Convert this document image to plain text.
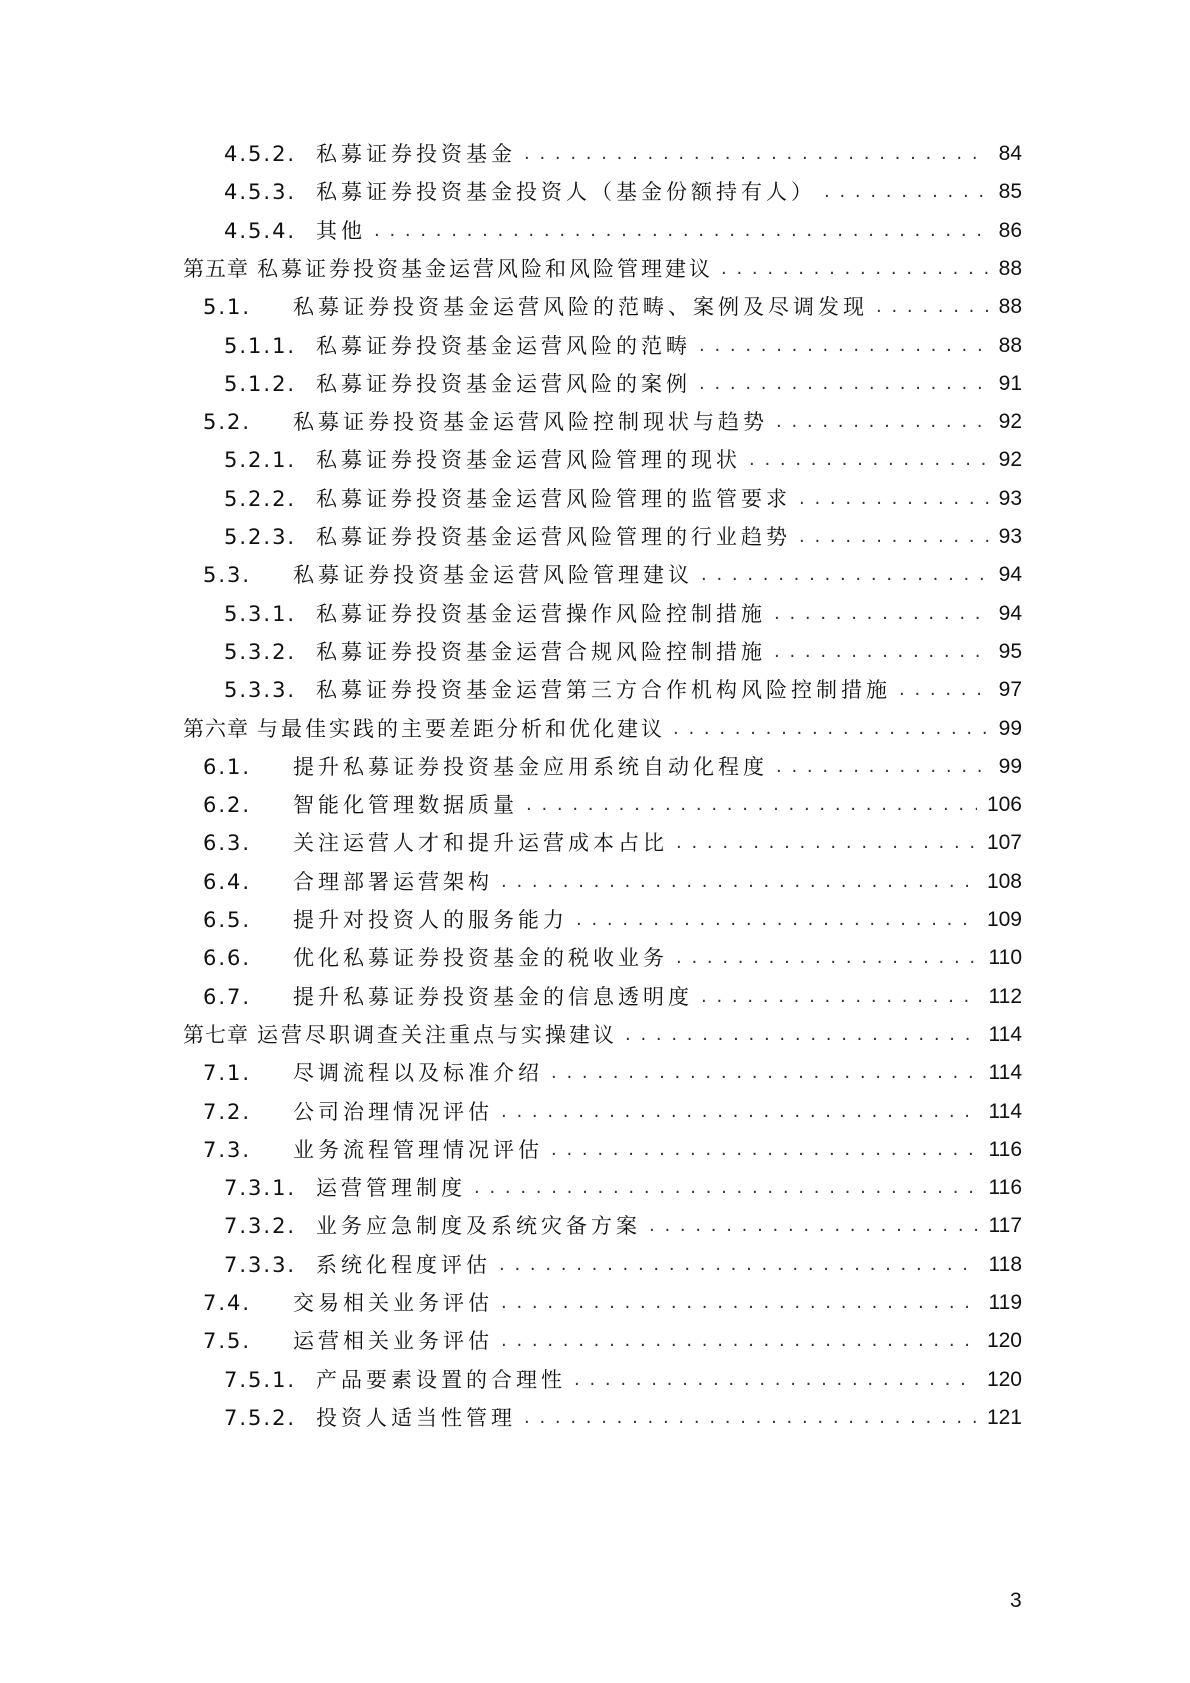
4.5.2. 私募证券投资基金 . . .	84
4.5.3. 私募证券投资基金投资人（基金份额持有人） . . .	85
4.5.4. 其他 . . .	86
第五章 私募证券投资基金运营风险和风险管理建议 . . .	88
5.1.	私募证券投资基金运营风险的范畴、案例及尽调发现 . . .	88
5.1.1. 私募证券投资基金运营风险的范畴 . . .	88
5.1.2. 私募证券投资基金运营风险的案例 . . .	91
5.2.	私募证券投资基金运营风险控制现状与趋势 . . .	92
5.2.1. 私募证券投资基金运营风险管理的现状 . . .	92
5.2.2. 私募证券投资基金运营风险管理的监管要求 . . .	93
5.2.3. 私募证券投资基金运营风险管理的行业趋势 . . .	93
5.3.	私募证券投资基金运营风险管理建议 . . .	94
5.3.1. 私募证券投资基金运营操作风险控制措施 . . .	94
5.3.2. 私募证券投资基金运营合规风险控制措施 . . .	95
5.3.3. 私募证券投资基金运营第三方合作机构风险控制措施 . . .	97
第六章 与最佳实践的主要差距分析和优化建议 . . .	99
6.1.	提升私募证券投资基金应用系统自动化程度 . . .	99
6.2.	智能化管理数据质量 . . .	106
6.3.	关注运营人才和提升运营成本占比 . . .	107
6.4.	合理部署运营架构 . . .	108
6.5.	提升对投资人的服务能力 . . .	109
6.6.	优化私募证券投资基金的税收业务 . . .	110
6.7.	提升私募证券投资基金的信息透明度 . . .	112
第七章 运营尽职调查关注重点与实操建议 . . .	114
7.1.	尽调流程以及标准介绍 . . .	114
7.2.	公司治理情况评估 . . .	114
7.3.	业务流程管理情况评估 . . .	116
7.3.1. 运营管理制度 . . .	116
7.3.2. 业务应急制度及系统灾备方案 . . .	117
7.3.3. 系统化程度评估 . . .	118
7.4.	交易相关业务评估 . . .	119
7.5.	运营相关业务评估 . . .	120
7.5.1. 产品要素设置的合理性 . . .	120
7.5.2. 投资人适当性管理 . . .	121
3
